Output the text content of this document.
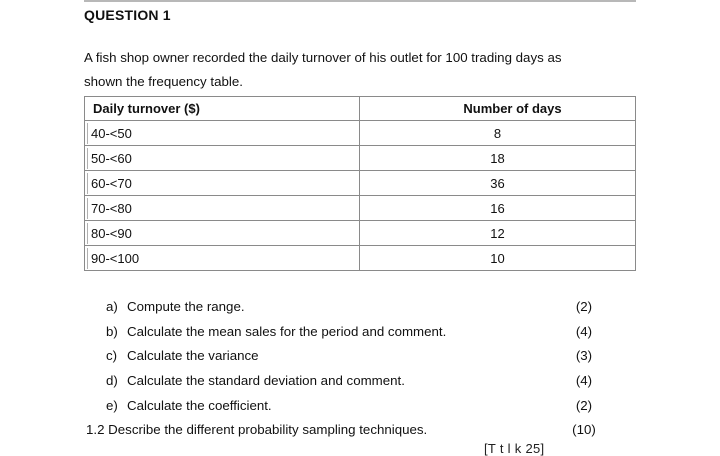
QUESTION 1
A fish shop owner recorded the daily turnover of his outlet for 100 trading days as
shown the frequency table.
Daily turnover ($)	Number of days

40-<50	8

50-<60	18

60-<70	36

70-<80	16

80-<90	12

90-<100	10
a) Compute the range.	(2)
b) Calculate the mean sales for the period and comment.	(4)
c) Calculate the variance	(3)
d) Calculate the standard deviation and comment.	(4)
e) Calculate the coefficient.	(2)
1.2 Describe the different probability sampling techniques.	(10)
[T t l k 25]
